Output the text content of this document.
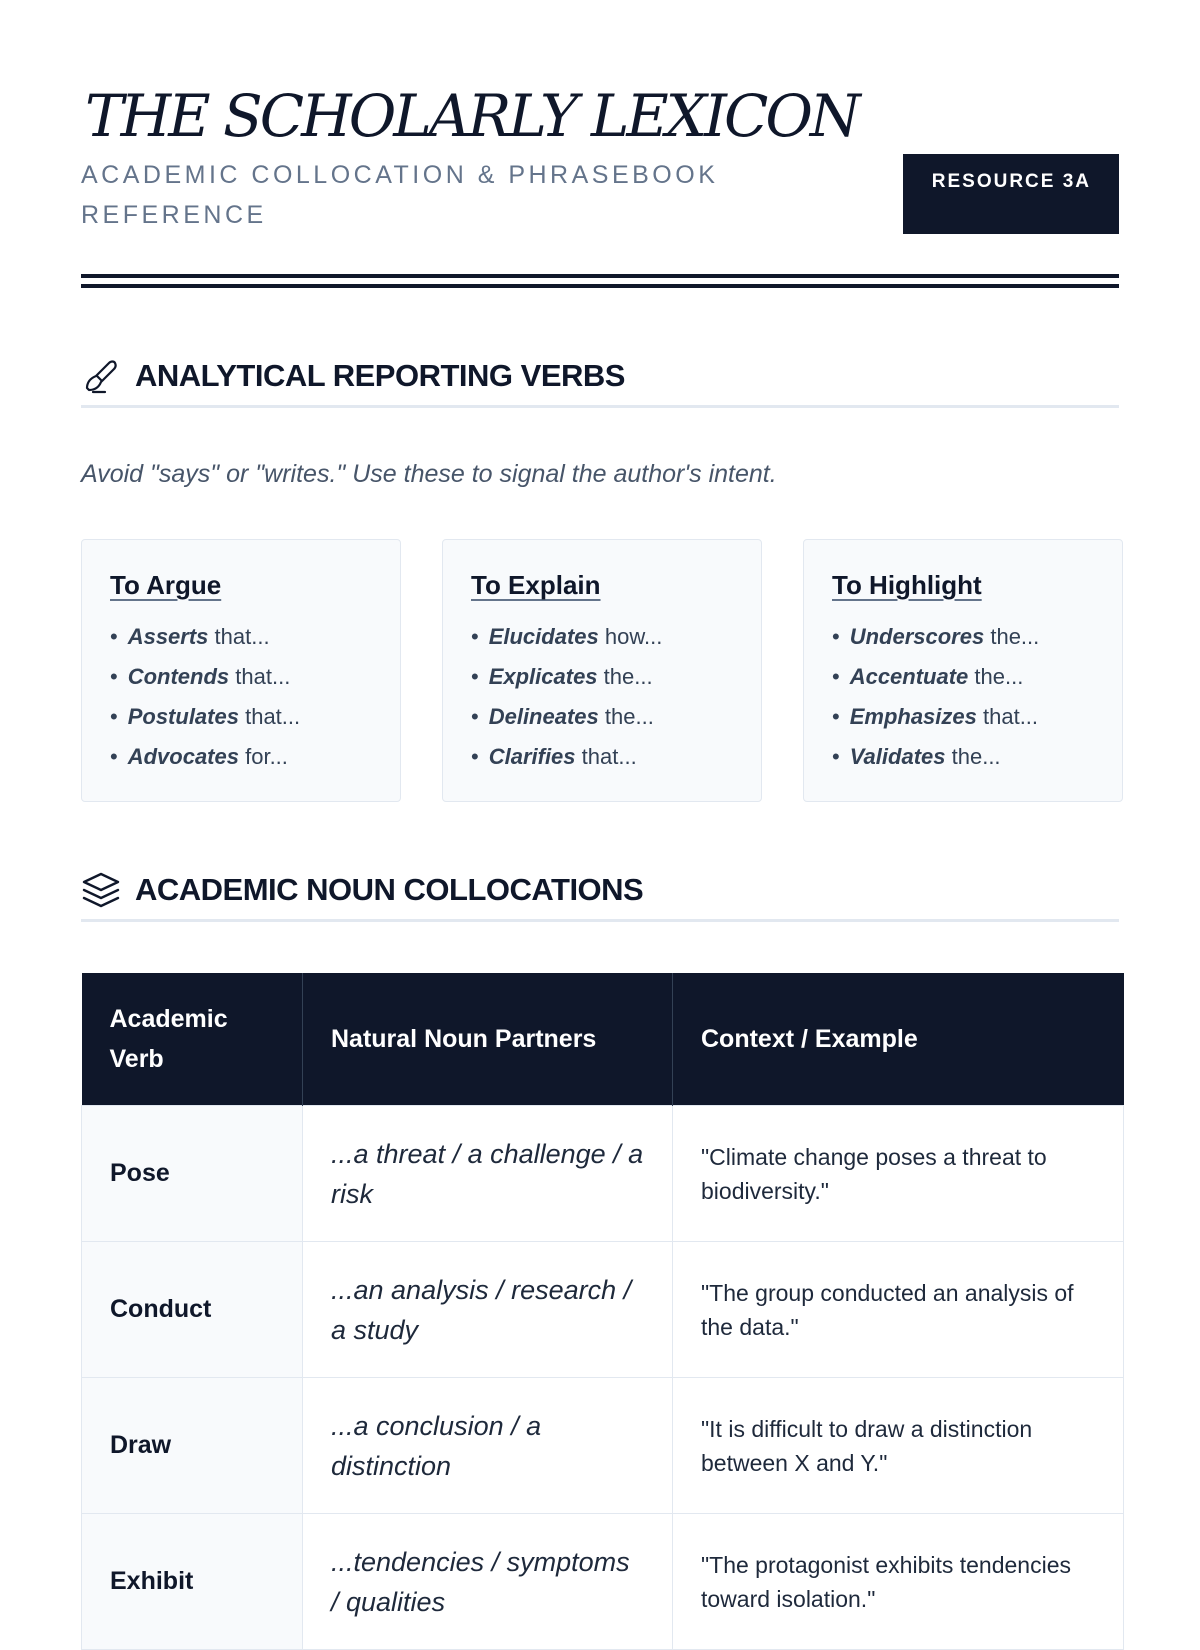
THE SCHOLARLY LEXICON
ACADEMIC COLLOCATION & PHRASEBOOK REFERENCE
RESOURCE 3A
ANALYTICAL REPORTING VERBS
Avoid "says" or "writes." Use these to signal the author's intent.
To Argue
• Asserts that...
• Contends that...
• Postulates that...
• Advocates for...
To Explain
• Elucidates how...
• Explicates the...
• Delineates the...
• Clarifies that...
To Highlight
• Underscores the...
• Accentuate the...
• Emphasizes that...
• Validates the...
ACADEMIC NOUN COLLOCATIONS
Academic Verb	Natural Noun Partners	Context / Example
Pose	...a threat / a challenge / a risk	"Climate change poses a threat to biodiversity."
Conduct	...an analysis / research / a study	"The group conducted an analysis of the data."
Draw	...a conclusion / a distinction	"It is difficult to draw a distinction between X and Y."
Exhibit	...tendencies / symptoms / qualities	"The protagonist exhibits tendencies toward isolation."
